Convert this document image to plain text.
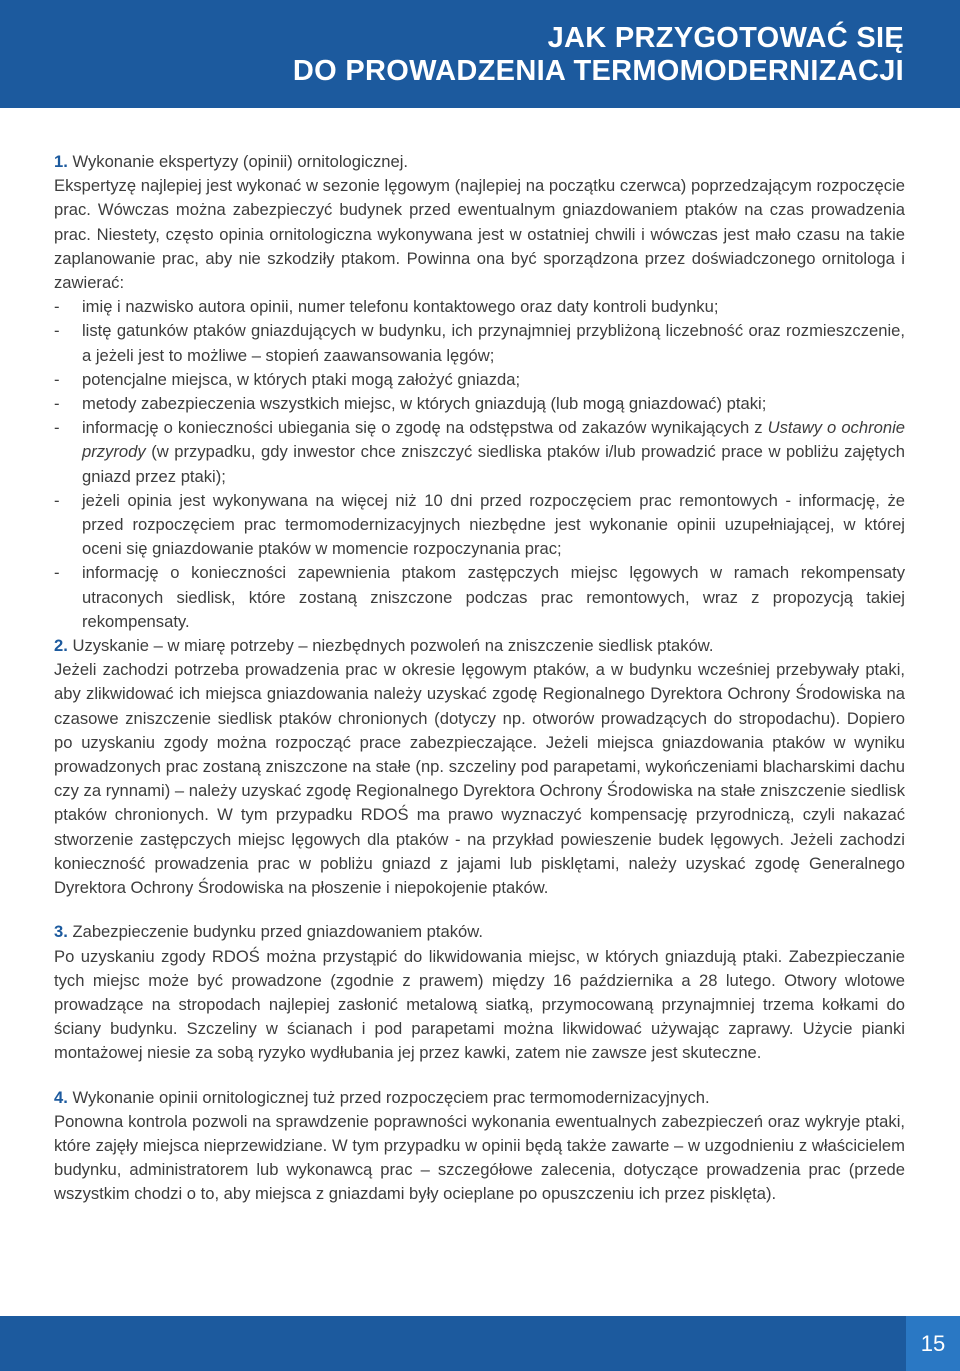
JAK PRZYGOTOWAĆ SIĘ
DO PROWADZENIA TERMOMODERNIZACJI

1. Wykonanie ekspertyzy (opinii) ornitologicznej.

Ekspertyzę najlepiej jest wykonać w sezonie lęgowym (najlepiej na początku czerwca) poprzedzającym rozpoczęcie prac. Wówczas można zabezpieczyć budynek przed ewentualnym gniazdowaniem ptaków na czas prowadzenia prac. Niestety, często opinia ornitologiczna wykonywana jest w ostatniej chwili i wówczas jest mało czasu na takie zaplanowanie prac, aby nie szkodziły ptakom. Powinna ona być sporządzona przez doświadczonego ornitologa i zawierać:

- imię i nazwisko autora opinii, numer telefonu kontaktowego oraz daty kontroli budynku;
- listę gatunków ptaków gniazdujących w budynku, ich przynajmniej przybliżoną liczebność oraz rozmieszczenie, a jeżeli jest to możliwe – stopień zaawansowania lęgów;
- potencjalne miejsca, w których ptaki mogą założyć gniazda;
- metody zabezpieczenia wszystkich miejsc, w których gniazdują (lub mogą gniazdować) ptaki;
- informację o konieczności ubiegania się o zgodę na odstępstwa od zakazów wynikających z Ustawy o ochronie przyrody (w przypadku, gdy inwestor chce zniszczyć siedliska ptaków i/lub prowadzić prace w pobliżu zajętych gniazd przez ptaki);
- jeżeli opinia jest wykonywana na więcej niż 10 dni przed rozpoczęciem prac remontowych - informację, że przed rozpoczęciem prac termomodernizacyjnych niezbędne jest wykonanie opinii uzupełniającej, w której oceni się gniazdowanie ptaków w momencie rozpoczynania prac;
- informację o konieczności zapewnienia ptakom zastępczych miejsc lęgowych w ramach rekompensaty utraconych siedlisk, które zostaną zniszczone podczas prac remontowych, wraz z propozycją takiej rekompensaty.

2. Uzyskanie – w miarę potrzeby – niezbędnych pozwoleń na zniszczenie siedlisk ptaków.

Jeżeli zachodzi potrzeba prowadzenia prac w okresie lęgowym ptaków, a w budynku wcześniej przebywały ptaki, aby zlikwidować ich miejsca gniazdowania należy uzyskać zgodę Regionalnego Dyrektora Ochrony Środowiska na czasowe zniszczenie siedlisk ptaków chronionych (dotyczy np. otworów prowadzących do stropodachu). Dopiero po uzyskaniu zgody można rozpocząć prace zabezpieczające. Jeżeli miejsca gniazdowania ptaków w wyniku prowadzonych prac zostaną zniszczone na stałe (np. szczeliny pod parapetami, wykończeniami blacharskimi dachu czy za rynnami) – należy uzyskać zgodę Regionalnego Dyrektora Ochrony Środowiska na stałe zniszczenie siedlisk ptaków chronionych. W tym przypadku RDOŚ ma prawo wyznaczyć kompensację przyrodniczą, czyli nakazać stworzenie zastępczych miejsc lęgowych dla ptaków - na przykład powieszenie budek lęgowych. Jeżeli zachodzi konieczność prowadzenia prac w pobliżu gniazd z jajami lub pisklętami, należy uzyskać zgodę Generalnego Dyrektora Ochrony Środowiska na płoszenie i niepokojenie ptaków.

3. Zabezpieczenie budynku przed gniazdowaniem ptaków.

Po uzyskaniu zgody RDOŚ można przystąpić do likwidowania miejsc, w których gniazdują ptaki. Zabezpieczanie tych miejsc może być prowadzone (zgodnie z prawem) między 16 października a 28 lutego. Otwory wlotowe prowadzące na stropodach najlepiej zasłonić metalową siatką, przymocowaną przynajmniej trzema kołkami do ściany budynku. Szczeliny w ścianach i pod parapetami można likwidować używając zaprawy. Użycie pianki montażowej niesie za sobą ryzyko wydłubania jej przez kawki, zatem nie zawsze jest skuteczne.

4. Wykonanie opinii ornitologicznej tuż przed rozpoczęciem prac termomodernizacyjnych.

Ponowna kontrola pozwoli na sprawdzenie poprawności wykonania ewentualnych zabezpieczeń oraz wykryje ptaki, które zajęły miejsca nieprzewidziane. W tym przypadku w opinii będą także zawarte – w uzgodnieniu z właścicielem budynku, administratorem lub wykonawcą prac – szczegółowe zalecenia, dotyczące prowadzenia prac (przede wszystkim chodzi o to, aby miejsca z gniazdami były ocieplane po opuszczeniu ich przez pisklęta).

15
